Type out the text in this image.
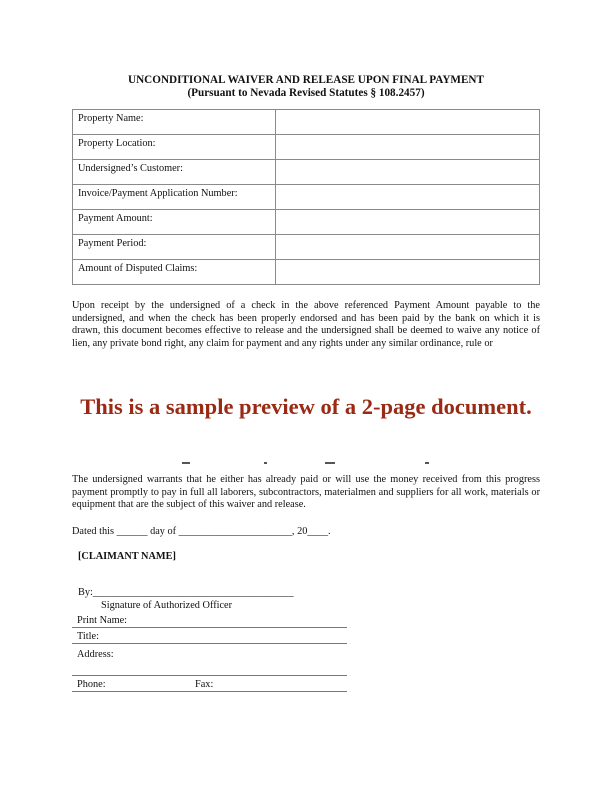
UNCONDITIONAL WAIVER AND RELEASE UPON FINAL PAYMENT
(Pursuant to Nevada Revised Statutes § 108.2457)
Property Name:	
Property Location:	
Undersigned’s Customer:	
Invoice/Payment Application Number:	
Payment Amount:	
Payment Period:	
Amount of Disputed Claims:	
Upon receipt by the undersigned of a check in the above referenced Payment Amount payable to the undersigned, and when the check has been properly endorsed and has been paid by the bank on which it is drawn, this document becomes effective to release and the undersigned shall be deemed to waive any notice of lien, any private bond right, any claim for payment and any rights under any similar ordinance, rule or
This is a sample preview of a 2-page document.
The undersigned warrants that he either has already paid or will use the money received from this progress payment promptly to pay in full all laborers, subcontractors, materialmen and suppliers for all work, materials or equipment that are the subject of this waiver and release.
Dated this ______ day of ______________________, 20____.
[CLAIMANT NAME]
By:_______________________________________
Signature of Authorized Officer
Print Name:
Title:
Address:
Phone:	Fax:
